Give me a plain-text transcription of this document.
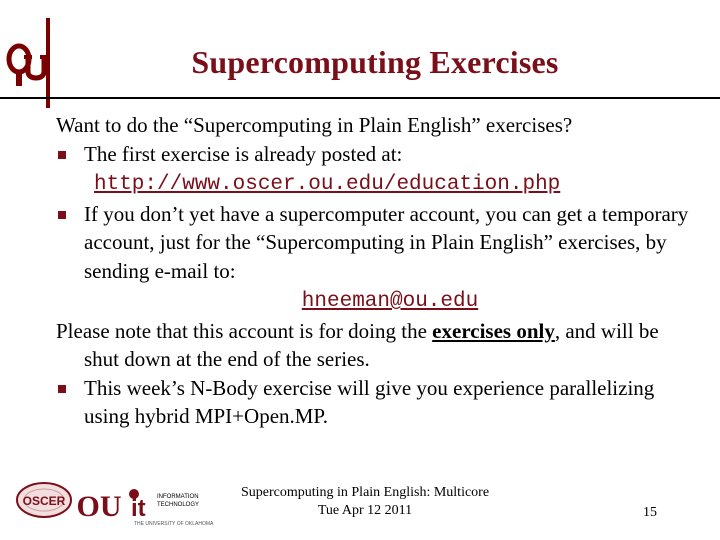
Supercomputing Exercises

Want to do the “Supercomputing in Plain English” exercises?

The first exercise is already posted at:
http://www.oscer.ou.edu/education.php
If you don’t yet have a supercomputer account, you can get a temporary account, just for the “Supercomputing in Plain English” exercises, by sending e-mail to:
hneeman@ou.edu

Please note that this account is for doing the exercises only, and will be shut down at the end of the series.

This week’s N-Body exercise will give you experience parallelizing using hybrid MPI+Open.MP.
OSCER OU it INFORMATION
TECHNOLOGY
THE UNIVERSITY OF OKLAHOMA
Supercomputing in Plain English: Multicore
Tue Apr 12 2011	15
